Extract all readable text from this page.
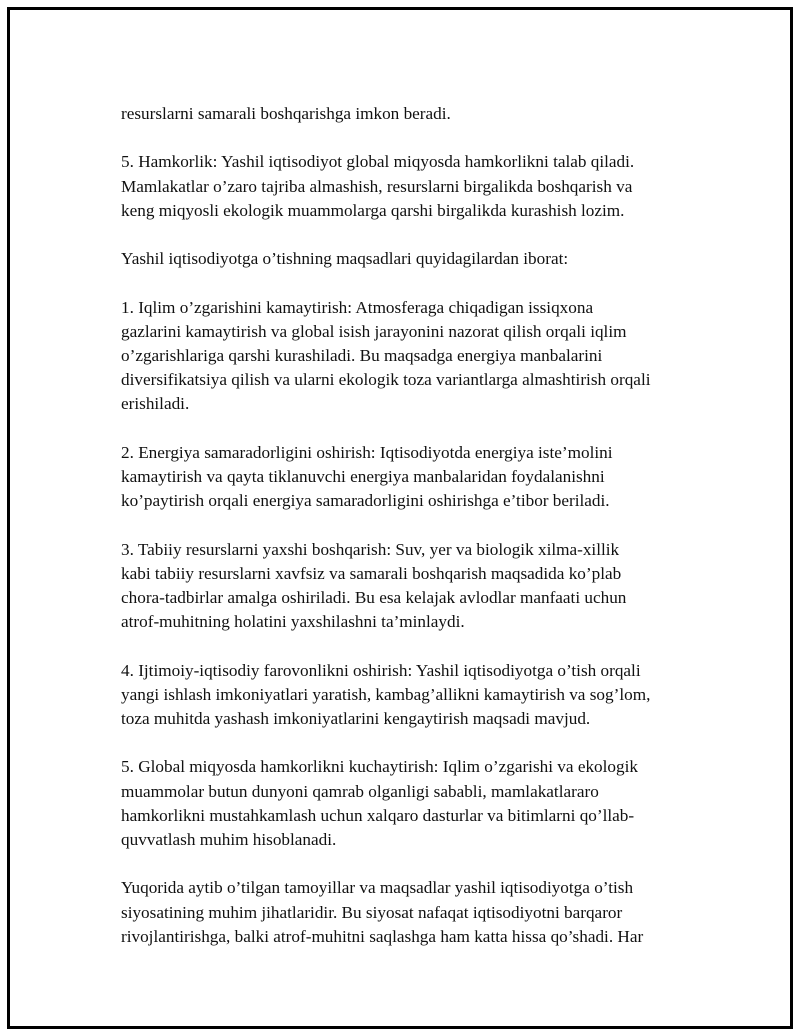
resurslarni samarali boshqarishga imkon beradi.

5. Hamkorlik: Yashil iqtisodiyot global miqyosda hamkorlikni talab qiladi.
Mamlakatlar o’zaro tajriba almashish, resurslarni birgalikda boshqarish va
keng miqyosli ekologik muammolarga qarshi birgalikda kurashish lozim.

Yashil iqtisodiyotga o’tishning maqsadlari quyidagilardan iborat:

1. Iqlim o’zgarishini kamaytirish: Atmosferaga chiqadigan issiqxona
gazlarini kamaytirish va global isish jarayonini nazorat qilish orqali iqlim
o’zgarishlariga qarshi kurashiladi. Bu maqsadga energiya manbalarini
diversifikatsiya qilish va ularni ekologik toza variantlarga almashtirish orqali
erishiladi.

2. Energiya samaradorligini oshirish: Iqtisodiyotda energiya iste’molini
kamaytirish va qayta tiklanuvchi energiya manbalaridan foydalanishni
ko’paytirish orqali energiya samaradorligini oshirishga e’tibor beriladi.

3. Tabiiy resurslarni yaxshi boshqarish: Suv, yer va biologik xilma-xillik
kabi tabiiy resurslarni xavfsiz va samarali boshqarish maqsadida ko’plab
chora-tadbirlar amalga oshiriladi. Bu esa kelajak avlodlar manfaati uchun
atrof-muhitning holatini yaxshilashni ta’minlaydi.

4. Ijtimoiy-iqtisodiy farovonlikni oshirish: Yashil iqtisodiyotga o’tish orqali
yangi ishlash imkoniyatlari yaratish, kambag’allikni kamaytirish va sog’lom,
toza muhitda yashash imkoniyatlarini kengaytirish maqsadi mavjud.

5. Global miqyosda hamkorlikni kuchaytirish: Iqlim o’zgarishi va ekologik
muammolar butun dunyoni qamrab olganligi sababli, mamlakatlararo
hamkorlikni mustahkamlash uchun xalqaro dasturlar va bitimlarni qo’llab-
quvvatlash muhim hisoblanadi.

Yuqorida aytib o’tilgan tamoyillar va maqsadlar yashil iqtisodiyotga o’tish
siyosatining muhim jihatlaridir. Bu siyosat nafaqat iqtisodiyotni barqaror
rivojlantirishga, balki atrof-muhitni saqlashga ham katta hissa qo’shadi. Har
